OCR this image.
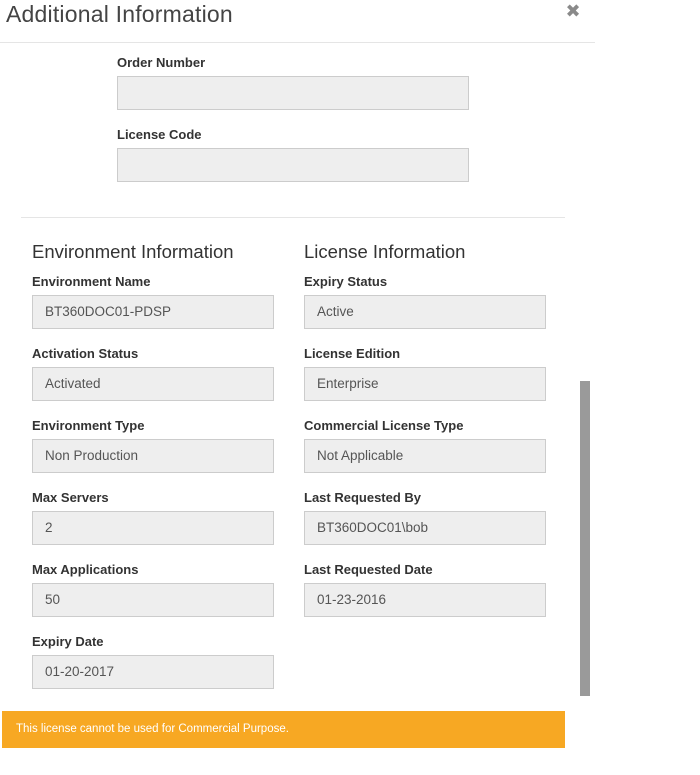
Additional Information	✖
Order Number
License Code
Environment Information
Environment Name
BT360DOC01-PDSP
Activation Status
Activated
Environment Type
Non Production
Max Servers
2
Max Applications
50
Expiry Date
01-20-2017
License Information
Expiry Status
Active
License Edition
Enterprise
Commercial License Type
Not Applicable
Last Requested By
BT360DOC01\bob
Last Requested Date
01-23-2016
This license cannot be used for Commercial Purpose.
